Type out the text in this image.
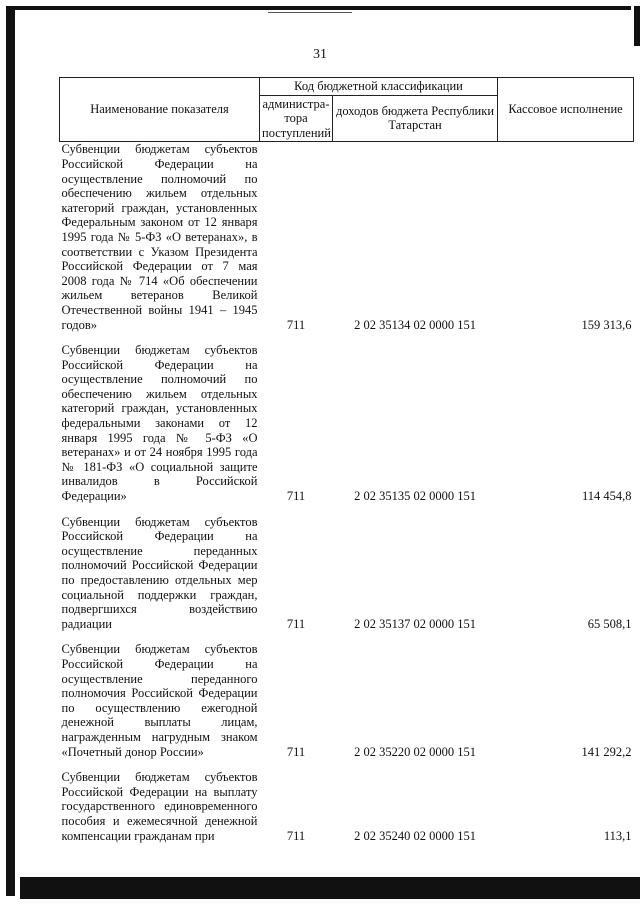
31
Наименование показателя	Код бюджетной классификации		Кассовое исполнение
	администра-тора поступлений	доходов бюджета Республики Татарстан	

Субвенции бюджетам субъектов Российской Федерации на осуществление полномочий по обеспечению жильем отдельных категорий граждан, установленных Федеральным законом от 12 января 1995 года № 5-ФЗ «О ветеранах», в соответствии с Указом Президента Российской Федерации от 7 мая 2008 года № 714 «Об обеспечении жильем ветеранов Великой Отечественной войны 1941 – 1945 годов»	711	2 02 35134 02 0000 151	159 313,6

Субвенции бюджетам субъектов Российской Федерации на осуществление полномочий по обеспечению жильем отдельных категорий граждан, установленных федеральными законами от 12 января 1995 года № 5-ФЗ «О ветеранах» и от 24 ноября 1995 года № 181-ФЗ «О социальной защите инвалидов в Российской Федерации»	711	2 02 35135 02 0000 151	114 454,8

Субвенции бюджетам субъектов Российской Федерации на осуществление переданных полномочий Российской Федерации по предоставлению отдельных мер социальной поддержки граждан, подвергшихся воздействию радиации	711	2 02 35137 02 0000 151	65 508,1

Субвенции бюджетам субъектов Российской Федерации на осуществление переданного полномочия Российской Федерации по осуществлению ежегодной денежной выплаты лицам, награжденным нагрудным знаком «Почетный донор России»	711	2 02 35220 02 0000 151	141 292,2

Субвенции бюджетам субъектов Российской Федерации на выплату государственного единовременного пособия и ежемесячной денежной компенсации гражданам при	711	2 02 35240 02 0000 151	113,1
